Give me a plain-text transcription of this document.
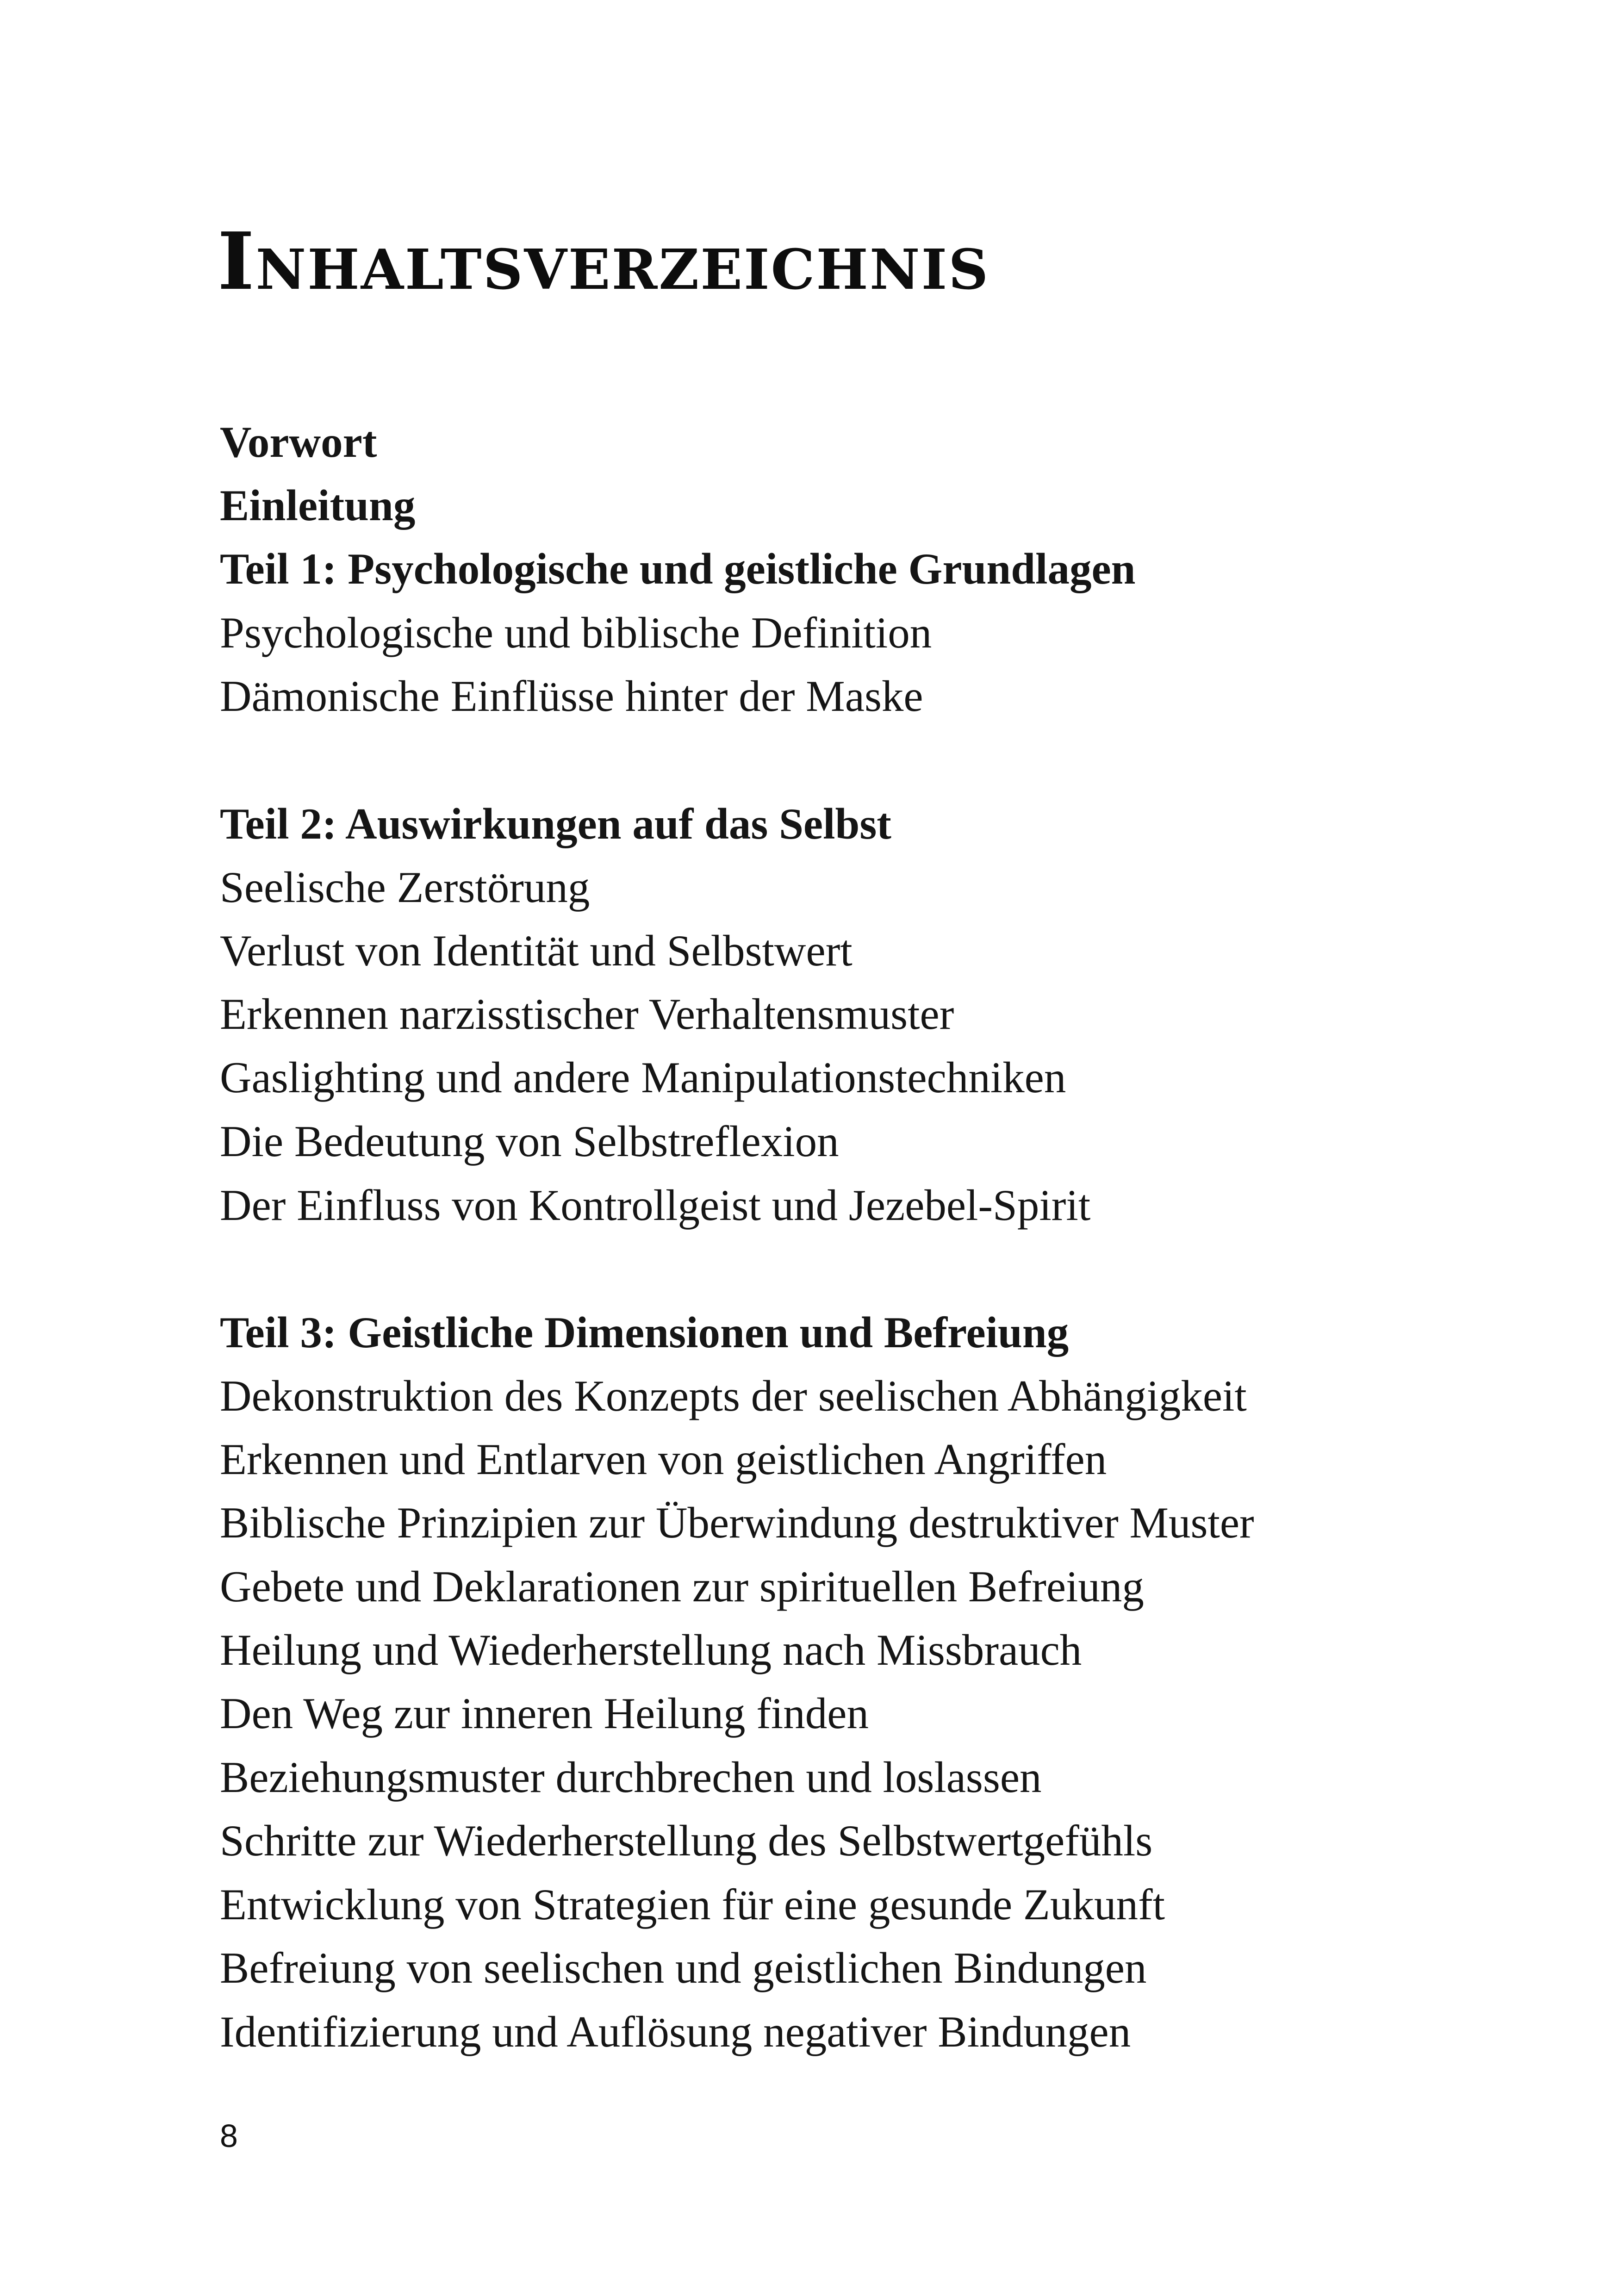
Inhaltsverzeichnis
Vorwort
Einleitung
Teil 1: Psychologische und geistliche Grundlagen
Psychologische und biblische Definition
Dämonische Einflüsse hinter der Maske
Teil 2: Auswirkungen auf das Selbst
Seelische Zerstörung
Verlust von Identität und Selbstwert
Erkennen narzisstischer Verhaltensmuster
Gaslighting und andere Manipulationstechniken
Die Bedeutung von Selbstreflexion
Der Einfluss von Kontrollgeist und Jezebel-Spirit
Teil 3: Geistliche Dimensionen und Befreiung
Dekonstruktion des Konzepts der seelischen Abhängigkeit
Erkennen und Entlarven von geistlichen Angriffen
Biblische Prinzipien zur Überwindung destruktiver Muster
Gebete und Deklarationen zur spirituellen Befreiung
Heilung und Wiederherstellung nach Missbrauch
Den Weg zur inneren Heilung finden
Beziehungsmuster durchbrechen und loslassen
Schritte zur Wiederherstellung des Selbstwertgefühls
Entwicklung von Strategien für eine gesunde Zukunft
Befreiung von seelischen und geistlichen Bindungen
Identifizierung und Auflösung negativer Bindungen
8
